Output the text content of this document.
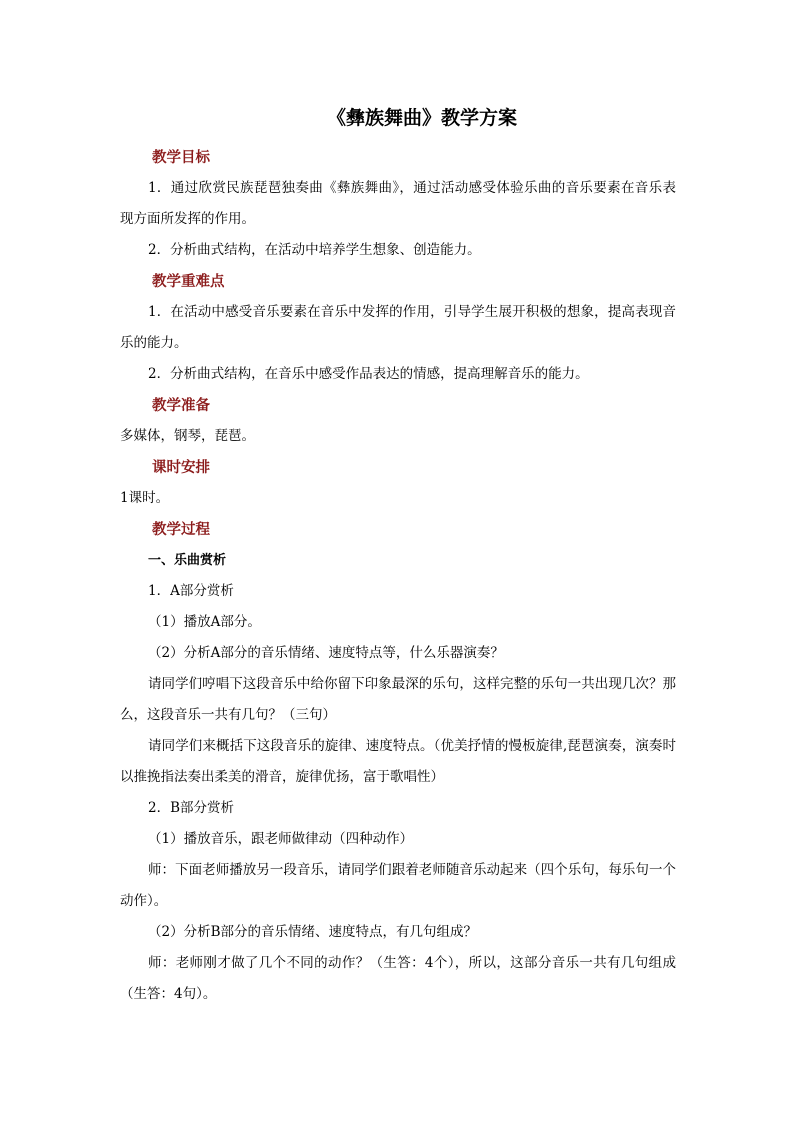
《彝族舞曲》教学方案

教学目标

1．通过欣赏民族琵琶独奏曲《彝族舞曲》，通过活动感受体验乐曲的音乐要素在音乐表现方面所发挥的作用。

2．分析曲式结构，在活动中培养学生想象、创造能力。

教学重难点

1．在活动中感受音乐要素在音乐中发挥的作用，引导学生展开积极的想象，提高表现音乐的能力。

2．分析曲式结构，在音乐中感受作品表达的情感，提高理解音乐的能力。

教学准备

多媒体，钢琴，琵琶。

课时安排

1课时。

教学过程

一、乐曲赏析

1．A部分赏析

（1）播放A部分。

（2）分析A部分的音乐情绪、速度特点等，什么乐器演奏？

请同学们哼唱下这段音乐中给你留下印象最深的乐句，这样完整的乐句一共出现几次？那么，这段音乐一共有几句？（三句）

请同学们来概括下这段音乐的旋律、速度特点。（优美抒情的慢板旋律,琵琶演奏，演奏时以推挽指法奏出柔美的滑音，旋律优扬，富于歌唱性）

2．B部分赏析

（1）播放音乐，跟老师做律动（四种动作）

师：下面老师播放另一段音乐，请同学们跟着老师随音乐动起来（四个乐句，每乐句一个动作）。

（2）分析B部分的音乐情绪、速度特点，有几句组成？

师：老师刚才做了几个不同的动作？（生答：4个），所以，这部分音乐一共有几句组成（生答：4句）。
